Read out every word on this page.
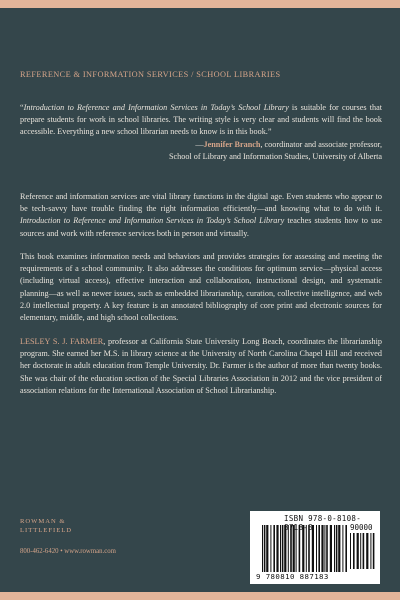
REFERENCE & INFORMATION SERVICES / SCHOOL LIBRARIES
“Introduction to Reference and Information Services in Today’s School Library is suitable for courses that prepare students for work in school libraries. The writing style is very clear and students will find the book accessible. Everything a new school librarian needs to know is in this book.”
—Jennifer Branch, coordinator and associate professor,
School of Library and Information Studies, University of Alberta
Reference and information services are vital library functions in the digital age. Even students who appear to be tech-savvy have trouble finding the right information efficiently—and knowing what to do with it. Introduction to Reference and Information Services in Today’s School Library teaches students how to use sources and work with reference services both in person and virtually.
This book examines information needs and behaviors and provides strategies for assessing and meeting the requirements of a school community. It also addresses the conditions for optimum service—physical access (including virtual access), effective interaction and collaboration, instructional design, and systematic planning—as well as newer issues, such as embedded librarianship, curation, collective intelligence, and web 2.0 intellectual property. A key feature is an annotated bibliography of core print and electronic sources for elementary, middle, and high school collections.
LESLEY S. J. FARMER, professor at California State University Long Beach, coordinates the librarianship program. She earned her M.S. in library science at the University of North Carolina Chapel Hill and received her doctorate in adult education from Temple University. Dr. Farmer is the author of more than twenty books. She was chair of the education section of the Special Libraries Association in 2012 and the vice president of association relations for the International Association of School Librarianship.
ROWMAN &
LITTLEFIELD
800-462-6420 • www.rowman.com
ISBN 978-0-8108-8718-3	90000
9 780810 887183
